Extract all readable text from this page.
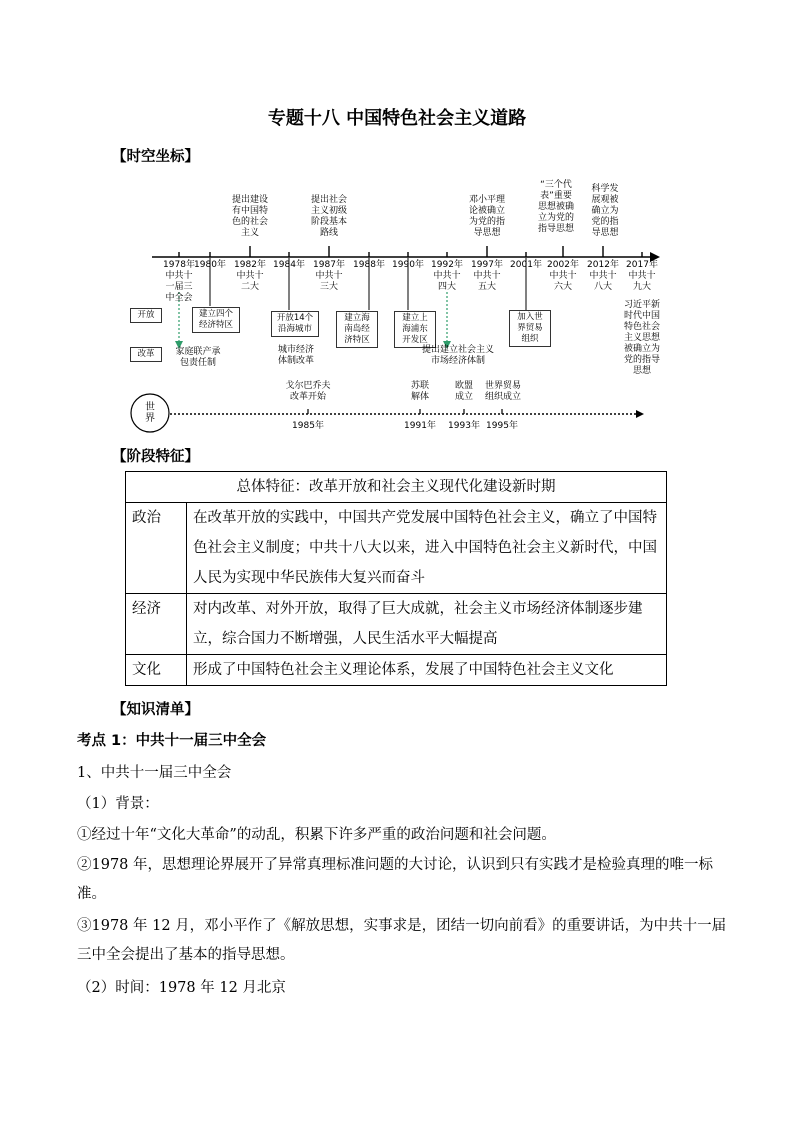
专题十八 中国特色社会主义道路
【时空坐标】
提出建设
有中国特
色的社会
主义
提出社会
主义初级
阶段基本
路线
邓小平理
论被确立
为党的指
导思想
“三个代
表”重要
思想被确
立为党的
指导思想
科学发
展观被
确立为
党的指
导思想
1978年
中共十
一届三
中全会
1980年 1982年
中共十
二大
1984年 1987年
中共十
三大
1988年 1990年 1992年
中共十
四大
1997年
中共十
五大
2001年 2002年
中共十
六大
2012年
中共十
八大
2017年
中共十
九大
开放
改革
建立四个
经济特区
开放14个
沿海城市
建立海
南岛经
济特区
建立上
海浦东
开发区
加入世
界贸易
组织
家庭联产承
包责任制
城市经济
体制改革
提出建立社会主义
市场经济体制
习近平新
时代中国
特色社会
主义思想
被确立为
党的指导
思想
世
界
戈尔巴乔夫
改革开始
苏联
解体
欧盟
成立
世界贸易
组织成立
1985年	1991年 1993年 1995年
【阶段特征】
总体特征：改革开放和社会主义现代化建设新时期	
政治	在改革开放的实践中，中国共产党发展中国特色社会主义，确立了中国特色社会主义制度；中共十八大以来，进入中国特色社会主义新时代，中国人民为实现中华民族伟大复兴而奋斗
经济	对内改革、对外开放，取得了巨大成就，社会主义市场经济体制逐步建立，综合国力不断增强，人民生活水平大幅提高
文化	形成了中国特色社会主义理论体系，发展了中国特色社会主义文化
【知识清单】
考点 1：中共十一届三中全会
1、中共十一届三中全会
（1）背景：
①经过十年“文化大革命”的动乱，积累下许多严重的政治问题和社会问题。
②1978 年，思想理论界展开了异常真理标准问题的大讨论，认识到只有实践才是检验真理的唯一标准。
③1978 年 12 月，邓小平作了《解放思想，实事求是，团结一切向前看》的重要讲话，为中共十一届三中全会提出了基本的指导思想。
（2）时间：1978 年 12 月北京
